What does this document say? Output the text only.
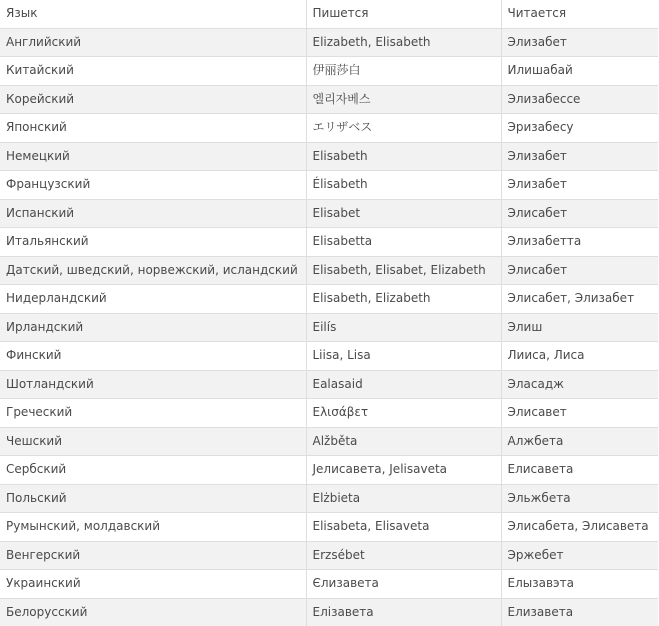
Язык	Пишется	Читается
Английский	Elizabeth, Elisabeth	Элизабет
Китайский	伊丽莎白	Илишабай
Корейский	엘리자베스	Элизабессе
Японский	エリザベス	Эризабесу
Немецкий	Elisabeth	Элизабет
Французский	Élisabeth	Элизабет
Испанский	Elisabet	Элисабет
Итальянский	Elisabetta	Элизабетта
Датский, шведский, норвежский, исландский	Elisabeth, Elisabet, Elizabeth	Элисабет
Нидерландский	Elisabeth, Elizabeth	Элисабет, Элизабет
Ирландский	Eilís	Элиш
Финский	Liisa, Lisa	Лииса, Лиса
Шотландский	Ealasaid	Эласадж
Греческий	Ελισάβετ	Элисавет
Чешский	Alžběta	Алжбета
Сербский	Јелисавета, Jelisaveta	Елисавета
Польский	Elżbieta	Эльжбета
Румынский, молдавский	Elisabeta, Elisaveta	Элисабета, Элисавета
Венгерский	Erzsébet	Эржебет
Украинский	Єлизавета	Елызавэта
Белорусский	Елізавета	Елизавета
